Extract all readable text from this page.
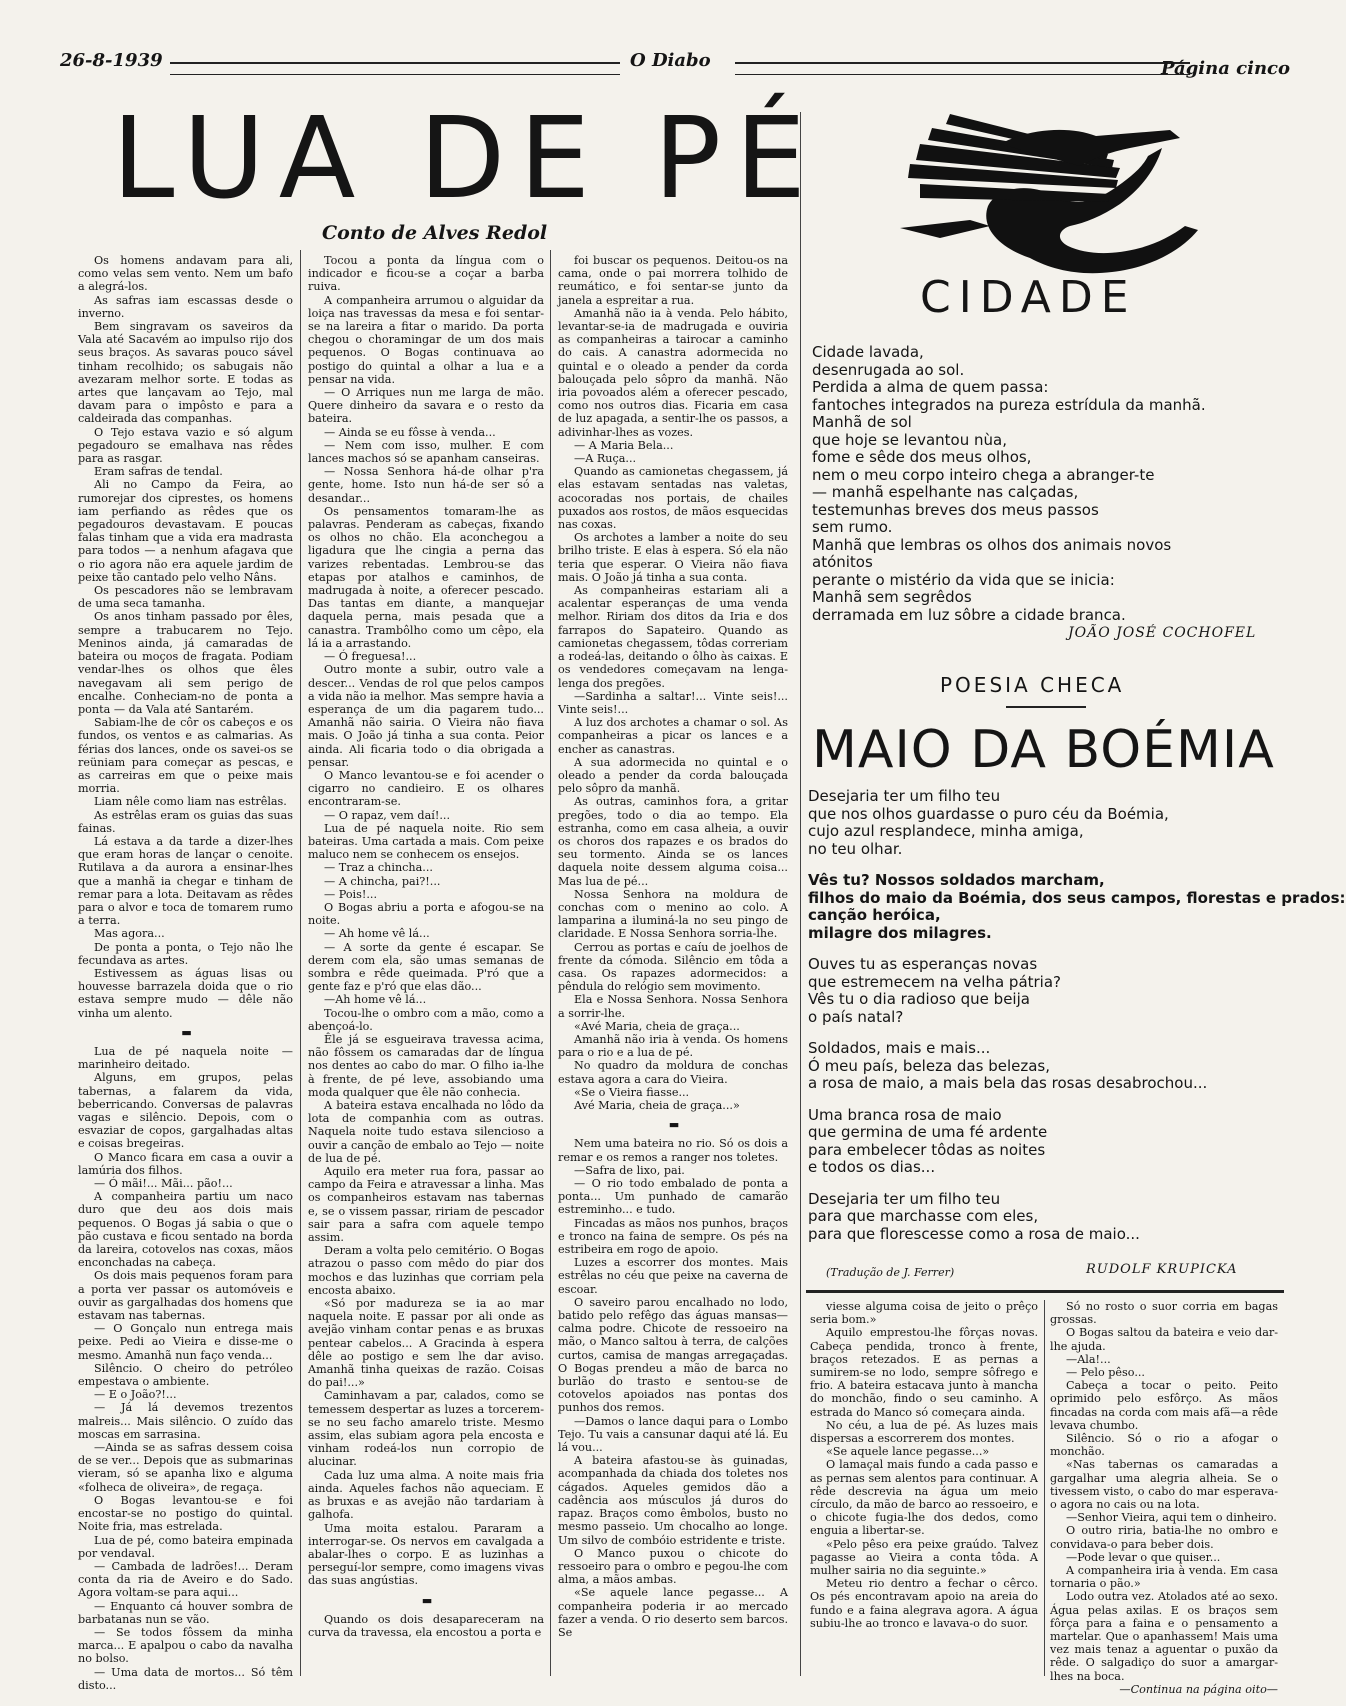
26-8-1939	O Diabo	Página cinco
LUA DE PÉ
Conto de Alves Redol

Os homens andavam para ali, como velas sem vento. Nem um bafo a alegrá-los.

As safras iam escassas desde o inverno.

Bem singravam os saveiros da Vala até Sacavém ao impulso rijo dos seus braços. As savaras pouco sável tinham recolhido; os sabugais não avezaram melhor sorte. E todas as artes que lançavam ao Tejo, mal davam para o impôsto e para a caldeirada das companhas.

O Tejo estava vazio e só algum pegadouro se emalhava nas rêdes para as rasgar.

Eram safras de tendal.

Ali no Campo da Feira, ao rumorejar dos ciprestes, os homens iam perfiando as rêdes que os pegadouros devastavam. E poucas falas tinham que a vida era madrasta para todos — a nenhum afagava que o rio agora não era aquele jardim de peixe tão cantado pelo velho Nâns.

Os pescadores não se lembravam de uma seca tamanha.

Os anos tinham passado por êles, sempre a trabucarem no Tejo. Meninos ainda, já camaradas de bateira ou moços de fragata. Podiam vendar-lhes os olhos que êles navegavam ali sem perigo de encalhe. Conheciam-no de ponta a ponta — da Vala até Santarém.

Sabiam-lhe de côr os cabeços e os fundos, os ventos e as calmarias. As férias dos lances, onde os savei-os se reüniam para começar as pescas, e as carreiras em que o peixe mais morria.

Liam nêle como liam nas estrêlas.

As estrêlas eram os guias das suas fainas.

Lá estava a da tarde a dizer-lhes que eram horas de lançar o cenoite. Rutilava a da aurora a ensinar-lhes que a manhã ia chegar e tinham de remar para a lota. Deitavam as rêdes para o alvor e toca de tomarem rumo a terra.

Mas agora...

De ponta a ponta, o Tejo não lhe fecundava as artes.

Estivessem as águas lisas ou houvesse barrazela doida que o rio estava sempre mudo — dêle não vinha um alento.

▬

Lua de pé naquela noite — marinheiro deitado.

Alguns, em grupos, pelas tabernas, a falarem da vida, beberricando. Conversas de palavras vagas e silêncio. Depois, com o esvaziar de copos, gargalhadas altas e coisas bregeiras.

O Manco ficara em casa a ouvir a lamúria dos filhos.

— Ó mãi!... Mãi... pão!...

A companheira partiu um naco duro que deu aos dois mais pequenos. O Bogas já sabia o que o pão custava e ficou sentado na borda da lareira, cotovelos nas coxas, mãos enconchadas na cabeça.

Os dois mais pequenos foram para a porta ver passar os automóveis e ouvir as gargalhadas dos homens que estavam nas tabernas.

— O Gonçalo nun entrega mais peixe. Pedi ao Vieira e disse-me o mesmo. Amanhã nun faço venda...

Silêncio. O cheiro do petróleo empestava o ambiente.

— E o João?!...

— Já lá devemos trezentos malreis... Mais silêncio. O zuído das moscas em sarrasina.

—Ainda se as safras dessem coisa de se ver... Depois que as submarinas vieram, só se apanha lixo e alguma «folheca de oliveira», de regaça.

O Bogas levantou-se e foi encostar-se no postigo do quintal. Noite fria, mas estrelada.

Lua de pé, como bateira empinada por vendaval.

— Cambada de ladrões!... Deram conta da ria de Aveiro e do Sado. Agora voltam-se para aqui...

— Enquanto cá houver sombra de barbatanas nun se vão.

— Se todos fôssem da minha marca... E apalpou o cabo da navalha no bolso.

— Uma data de mortos... Só têm disto...

Tocou a ponta da língua com o indicador e ficou-se a coçar a barba ruiva.

A companheira arrumou o alguidar da loiça nas travessas da mesa e foi sentar-se na lareira a fitar o marido. Da porta chegou o choramingar de um dos mais pequenos. O Bogas continuava ao postigo do quintal a olhar a lua e a pensar na vida.

— O Arriques nun me larga de mão. Quere dinheiro da savara e o resto da bateira.

— Ainda se eu fôsse à venda...

— Nem com isso, mulher. E com lances machos só se apanham canseiras.

— Nossa Senhora há-de olhar p'ra gente, home. Isto nun há-de ser só a desandar...

Os pensamentos tomaram-lhe as palavras. Penderam as cabeças, fixando os olhos no chão. Ela aconchegou a ligadura que lhe cingia a perna das varizes rebentadas. Lembrou-se das etapas por atalhos e caminhos, de madrugada à noite, a oferecer pescado. Das tantas em diante, a manquejar daquela perna, mais pesada que a canastra. Trambôlho como um cêpo, ela lá ia a arrastando.

— Ó freguesa!...

Outro monte a subir, outro vale a descer... Vendas de rol que pelos campos a vida não ia melhor. Mas sempre havia a esperança de um dia pagarem tudo... Amanhã não sairia. O Vieira não fiava mais. O João já tinha a sua conta. Peior ainda. Ali ficaria todo o dia obrigada a pensar.

O Manco levantou-se e foi acender o cigarro no candieiro. E os olhares encontraram-se.

— O rapaz, vem daí!...

Lua de pé naquela noite. Rio sem bateiras. Uma cartada a mais. Com peixe maluco nem se conhecem os ensejos.

— Traz a chincha...

— A chincha, pai?!...

— Pois!...

O Bogas abriu a porta e afogou-se na noite.

— Ah home vê lá...

— A sorte da gente é escapar. Se derem com ela, são umas semanas de sombra e rêde queimada. P'ró que a gente faz e p'ró que elas dão...

—Ah home vê lá...

Tocou-lhe o ombro com a mão, como a abençoá-lo.

Êle já se esgueirava travessa acima, não fôssem os camaradas dar de língua nos dentes ao cabo do mar. O filho ia-lhe à frente, de pé leve, assobiando uma moda qualquer que êle não conhecia.

A bateira estava encalhada no lôdo da lota de companhia com as outras. Naquela noite tudo estava silencioso a ouvir a canção de embalo ao Tejo — noite de lua de pé.

Aquilo era meter rua fora, passar ao campo da Feira e atravessar a linha. Mas os companheiros estavam nas tabernas e, se o vissem passar, ririam de pescador sair para a safra com aquele tempo assim.

Deram a volta pelo cemitério. O Bogas atrazou o passo com mêdo do piar dos mochos e das luzinhas que corriam pela encosta abaixo.

«Só por madureza se ia ao mar naquela noite. E passar por ali onde as avejão vinham contar penas e as bruxas pentear cabelos... A Gracinda à espera dêle ao postigo e sem lhe dar aviso. Amanhã tinha queixas de razão. Coisas do pai!...»

Caminhavam a par, calados, como se temessem despertar as luzes a torcerem-se no seu facho amarelo triste. Mesmo assim, elas subiam agora pela encosta e vinham rodeá-los nun corropio de alucinar.

Cada luz uma alma. A noite mais fria ainda. Aqueles fachos não aqueciam. E as bruxas e as avejão não tardariam à galhofa.

Uma moita estalou. Pararam a interrogar-se. Os nervos em cavalgada a abalar-lhes o corpo. E as luzinhas a perseguí-lor sempre, como imagens vivas das suas angústias.

▬

Quando os dois desapareceram na curva da travessa, ela encostou a porta e

foi buscar os pequenos. Deitou-os na cama, onde o pai morrera tolhido de reumático, e foi sentar-se junto da janela a espreitar a rua.

Amanhã não ia à venda. Pelo hábito, levantar-se-ia de madrugada e ouviria as companheiras a tairocar a caminho do cais. A canastra adormecida no quintal e o oleado a pender da corda balouçada pelo sôpro da manhã. Não iria povoados além a oferecer pescado, como nos outros dias. Ficaria em casa de luz apagada, a sentir-lhe os passos, a adivinhar-lhes as vozes.

— A Maria Bela...

—A Ruça...

Quando as camionetas chegassem, já elas estavam sentadas nas valetas, acocoradas nos portais, de chailes puxados aos rostos, de mãos esquecidas nas coxas.

Os archotes a lamber a noite do seu brilho triste. E elas à espera. Só ela não teria que esperar. O Vieira não fiava mais. O João já tinha a sua conta.

As companheiras estariam ali a acalentar esperanças de uma venda melhor. Ririam dos ditos da Iria e dos farrapos do Sapateiro. Quando as camionetas chegassem, tôdas correriam a rodeá-las, deitando o ôlho às caixas. E os vendedores começavam na lenga-lenga dos pregões.

—Sardinha a saltar!... Vinte seis!... Vinte seis!...

A luz dos archotes a chamar o sol. As companheiras a picar os lances e a encher as canastras.

A sua adormecida no quintal e o oleado a pender da corda balouçada pelo sôpro da manhã.

As outras, caminhos fora, a gritar pregões, todo o dia ao tempo. Ela estranha, como em casa alheia, a ouvir os choros dos rapazes e os brados do seu tormento. Ainda se os lances daquela noite dessem alguma coisa... Mas lua de pé...

Nossa Senhora na moldura de conchas com o menino ao colo. A lamparina a iluminá-la no seu pingo de claridade. E Nossa Senhora sorria-lhe.

Cerrou as portas e caíu de joelhos de frente da cómoda. Silêncio em tôda a casa. Os rapazes adormecidos: a pêndula do relógio sem movimento.

Ela e Nossa Senhora. Nossa Senhora a sorrir-lhe.

«Avé Maria, cheia de graça...

Amanhã não iria à venda. Os homens para o rio e a lua de pé.

No quadro da moldura de conchas estava agora a cara do Vieira.

«Se o Vieira fiasse...

Avé Maria, cheia de graça...»

▬

Nem uma bateira no rio. Só os dois a remar e os remos a ranger nos toletes.

—Safra de lixo, pai.

— O rio todo embalado de ponta a ponta... Um punhado de camarão estreminho... e tudo.

Fincadas as mãos nos punhos, braços e tronco na faina de sempre. Os pés na estribeira em rogo de apoio.

Luzes a escorrer dos montes. Mais estrêlas no céu que peixe na caverna de escoar.

O saveiro parou encalhado no lodo, batido pelo refêgo das águas mansas—calma podre. Chicote de ressoeiro na mão, o Manco saltou à terra, de calções curtos, camisa de mangas arregaçadas. O Bogas prendeu a mão de barca no burlão do trasto e sentou-se de cotovelos apoiados nas pontas dos punhos dos remos.

—Damos o lance daqui para o Lombo Tejo. Tu vais a cansunar daqui até lá. Eu lá vou...

A bateira afastou-se às guinadas, acompanhada da chiada dos toletes nos cágados. Aqueles gemidos dão a cadência aos músculos já duros do rapaz. Braços como êmbolos, busto no mesmo passeio. Um chocalho ao longe. Um silvo de combóio estridente e triste.

O Manco puxou o chicote do ressoeiro para o ombro e pegou-lhe com alma, a mãos ambas.

«Se aquele lance pegasse... A companheira poderia ir ao mercado fazer a venda. O rio deserto sem barcos. Se

viesse alguma coisa de jeito o prêço seria bom.»

Aquilo emprestou-lhe fôrças novas. Cabeça pendida, tronco à frente, braços retezados. E as pernas a sumirem-se no lodo, sempre sôfrego e frio. A bateira estacava junto à mancha do monchão, findo o seu caminho. A estrada do Manco só começara ainda.

No céu, a lua de pé. As luzes mais dispersas a escorrerem dos montes.

«Se aquele lance pegasse...»

O lamaçal mais fundo a cada passo e as pernas sem alentos para continuar. A rêde descrevia na água um meio círculo, da mão de barco ao ressoeiro, e o chicote fugia-lhe dos dedos, como enguia a libertar-se.

«Pelo pêso era peixe graúdo. Talvez pagasse ao Vieira a conta tôda. A mulher sairia no dia seguinte.»

Meteu rio dentro a fechar o cêrco. Os pés encontravam apoio na areia do fundo e a faina alegrava agora. A água subiu-lhe ao tronco e lavava-o do suor.

Só no rosto o suor corria em bagas grossas.

O Bogas saltou da bateira e veio dar-lhe ajuda.

—Ala!...

— Pelo pêso...

Cabeça a tocar o peito. Peito oprimido pelo esfôrço. As mãos fincadas na corda com mais afã—a rêde levava chumbo.

Silêncio. Só o rio a afogar o monchão.

«Nas tabernas os camaradas a gargalhar uma alegria alheia. Se o tivessem visto, o cabo do mar esperava-o agora no cais ou na lota.

—Senhor Vieira, aqui tem o dinheiro.

O outro riria, batia-lhe no ombro e convidava-o para beber dois.

—Pode levar o que quiser...

A companheira iria à venda. Em casa tornaria o pão.»

Lodo outra vez. Atolados até ao sexo. Água pelas axilas. E os braços sem fôrça para a faina e o pensamento a martelar. Que o apanhassem! Mais uma vez mais tenaz a aguentar o puxão da rêde. O salgadiço do suor a amargar-lhes na boca.

—Continua na página oito—

CIDADE
Cidade lavada,
desenrugada ao sol.
Perdida a alma de quem passa:
fantoches integrados na pureza estrídula da manhã.
Manhã de sol
que hoje se levantou nùa,
fome e sêde dos meus olhos,
nem o meu corpo inteiro chega a abranger-te
— manhã espelhante nas calçadas,
testemunhas breves dos meus passos
sem rumo.
Manhã que lembras os olhos dos animais novos
atónitos
perante o mistério da vida que se inicia:
Manhã sem segrêdos
derramada em luz sôbre a cidade branca.
JOÃO JOSÉ COCHOFEL
POESIA CHECA
MAIO DA BOÉMIA
Desejaria ter um filho teu
que nos olhos guardasse o puro céu da Boémia,
cujo azul resplandece, minha amiga,
no teu olhar.
Vês tu? Nossos soldados marcham,
filhos do maio da Boémia, dos seus campos, florestas e prados:
canção heróica,
milagre dos milagres.
Ouves tu as esperanças novas
que estremecem na velha pátria?
Vês tu o dia radioso que beija
o país natal?
Soldados, mais e mais...
Ó meu país, beleza das belezas,
a rosa de maio, a mais bela das rosas desabrochou...
Uma branca rosa de maio
que germina de uma fé ardente
para embelecer tôdas as noites
e todos os dias...
Desejaria ter um filho teu
para que marchasse com eles,
para que florescesse como a rosa de maio...
(Tradução de J. Ferrer)	RUDOLF KRUPICKA
